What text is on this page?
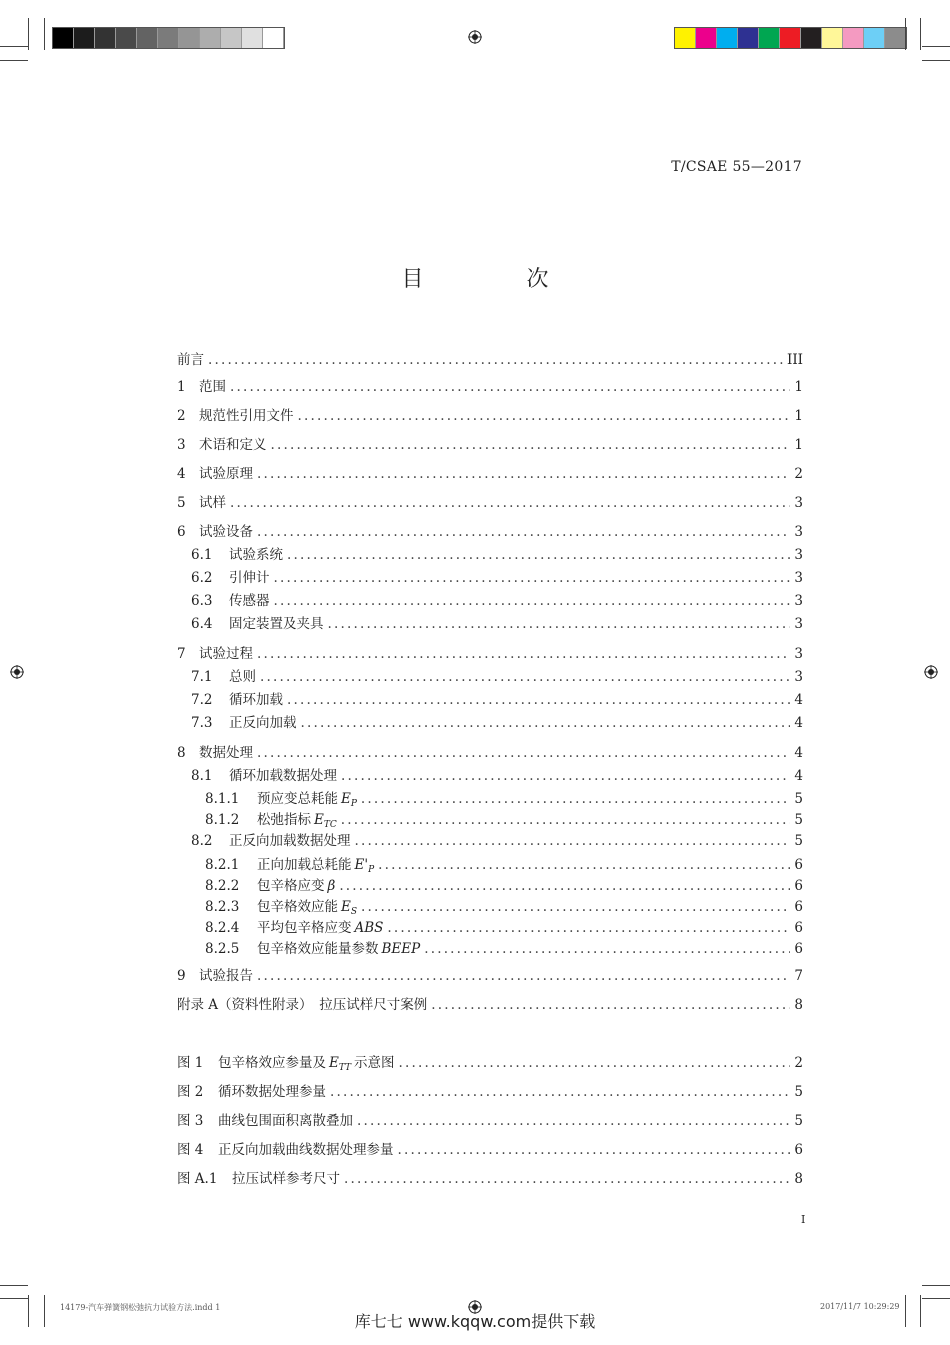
T/CSAE 55—2017
目 次
前言 .....	III
1 范围 .....	1
2 规范性引用文件 .....	1
3 术语和定义 .....	1
4 试验原理 .....	2
5 试样 .....	3
6 试验设备 .....	3
6.1	试验系统 .....	3
6.2	引伸计 .....	3
6.3	传感器 .....	3
6.4	固定装置及夹具 .....	3
7 试验过程 .....	3
7.1	总则 .....	3
7.2	循环加载 .....	4
7.3	正反向加载 .....	4
8 数据处理 .....	4
8.1	循环加载数据处理 .....	4
8.1.1	预应变总耗能 $E_P$ .....	5
8.1.2	松弛指标 $E_{TC}$ .....	5
8.2	正反向加载数据处理 .....	5
8.2.1	正向加载总耗能 $E'_P$ .....	6
8.2.2	包辛格应变 β .....	6
8.2.3	包辛格效应能 $E_S$ .....	6
8.2.4	平均包辛格应变 ABS .....	6
8.2.5	包辛格效应能量参数 BEEP .....	6
9 试验报告 .....	7
附录 A（资料性附录）　拉压试样尺寸案例 .....	8
图 1	包辛格效应参量及 $E_{TT}$ 示意图 .....	2
图 2	循环数据处理参量 .....	5
图 3	曲线包围面积离散叠加 .....	5
图 4	正反向加载曲线数据处理参量 .....	6
图 A.1	拉压试样参考尺寸 .....	8
I
14179-汽车弹簧钢松弛抗力试验方法.indd 1	2017/11/7 10:29:29
库七七 www.kqqw.com提供下载
